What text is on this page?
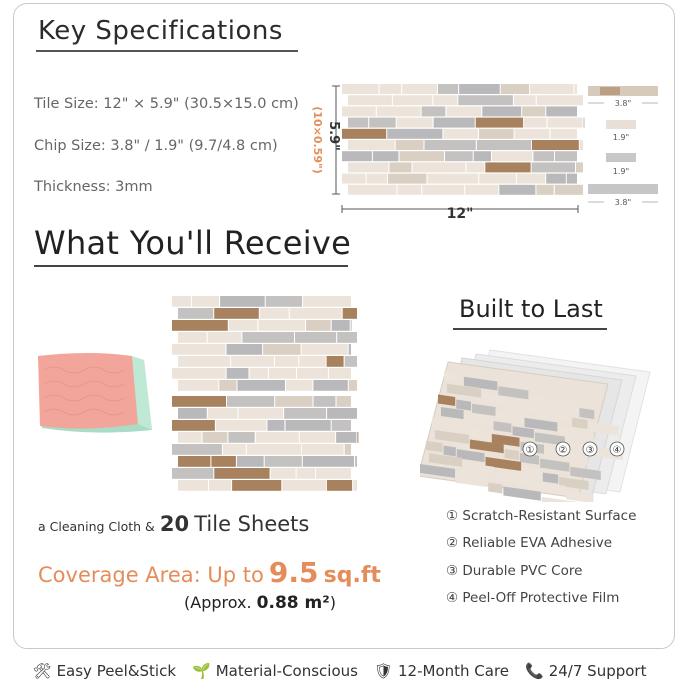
Key Specifications
Tile Size: 12" × 5.9" (30.5×15.0 cm)
Chip Size: 3.8" / 1.9" (9.7/4.8 cm)
Thickness: 3mm
5.9"
(10×0.59")
12"
3.8"
1.9"
1.9"
3.8"
What You'll Receive
a Cleaning Cloth & 20 Tile Sheets
Coverage Area: Up to 9.5 sq.ft
(Approx. 0.88 m²)
Built to Last
① ② ③ ④
① Scratch-Resistant Surface
② Reliable EVA Adhesive
③ Durable PVC Core
④ Peel-Off Protective Film
🛠 Easy Peel&Stick 🌱 Material-Conscious 🛡 12-Month Care 📞 24/7 Support
